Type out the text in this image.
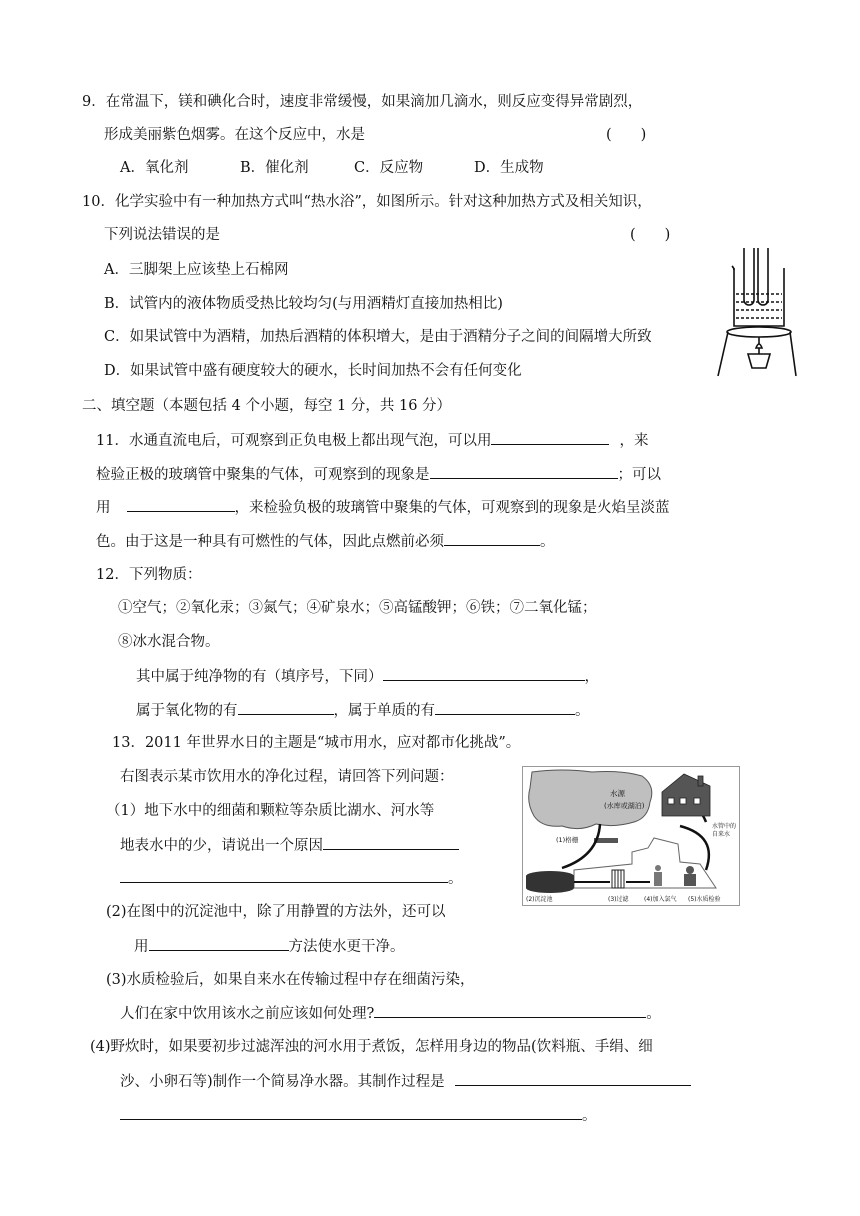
9．在常温下，镁和碘化合时，速度非常缓慢，如果滴加几滴水，则反应变得异常剧烈，
形成美丽紫色烟雾。在这个反应中，水是	(　　)
A．氧化剂	B．催化剂	C．反应物	D．生成物
10．化学实验中有一种加热方式叫“热水浴”，如图所示。针对这种加热方式及相关知识，
下列说法错误的是	(　　)
A．三脚架上应该垫上石棉网
B．试管内的液体物质受热比较均匀(与用酒精灯直接加热相比)
C．如果试管中为酒精，加热后酒精的体积增大，是由于酒精分子之间的间隔增大所致
D．如果试管中盛有硬度较大的硬水，长时间加热不会有任何变化
二、填空题（本题包括 4 个小题，每空 1 分，共 16 分）
11．水通直流电后，可观察到正负电极上都出现气泡，可以用	，来
检验正极的玻璃管中聚集的气体，可观察到的现象是	；可以
用	，来检验负极的玻璃管中聚集的气体，可观察到的现象是火焰呈淡蓝
色。由于这是一种具有可燃性的气体，因此点燃前必须	。
12．下列物质：
①空气；②氧化汞；③氮气；④矿泉水；⑤高锰酸钾；⑥铁；⑦二氧化锰；
⑧冰水混合物。
其中属于纯净物的有（填序号，下同）	，
属于氧化物的有	，属于单质的有	。
13．2011 年世界水日的主题是“城市用水，应对都市化挑战”。
右图表示某市饮用水的净化过程，请回答下列问题：
（1）地下水中的细菌和颗粒等杂质比湖水、河水等
地表水中的少，请说出一个原因
。
(2)在图中的沉淀池中，除了用静置的方法外，还可以
用	方法使水更干净。
(3)水质检验后，如果自来水在传输过程中存在细菌污染，
人们在家中饮用该水之前应该如何处理?	。
(4)野炊时，如果要初步过滤浑浊的河水用于煮饭，怎样用身边的物品(饮料瓶、手绢、细
沙、小卵石等)制作一个简易净水器。其制作过程是
。
水源
(水库或湖泊)
(1)格栅
水管中的
自来水
(2)沉淀池	(3)过滤	(4)加入氯气 (5)水质检验
